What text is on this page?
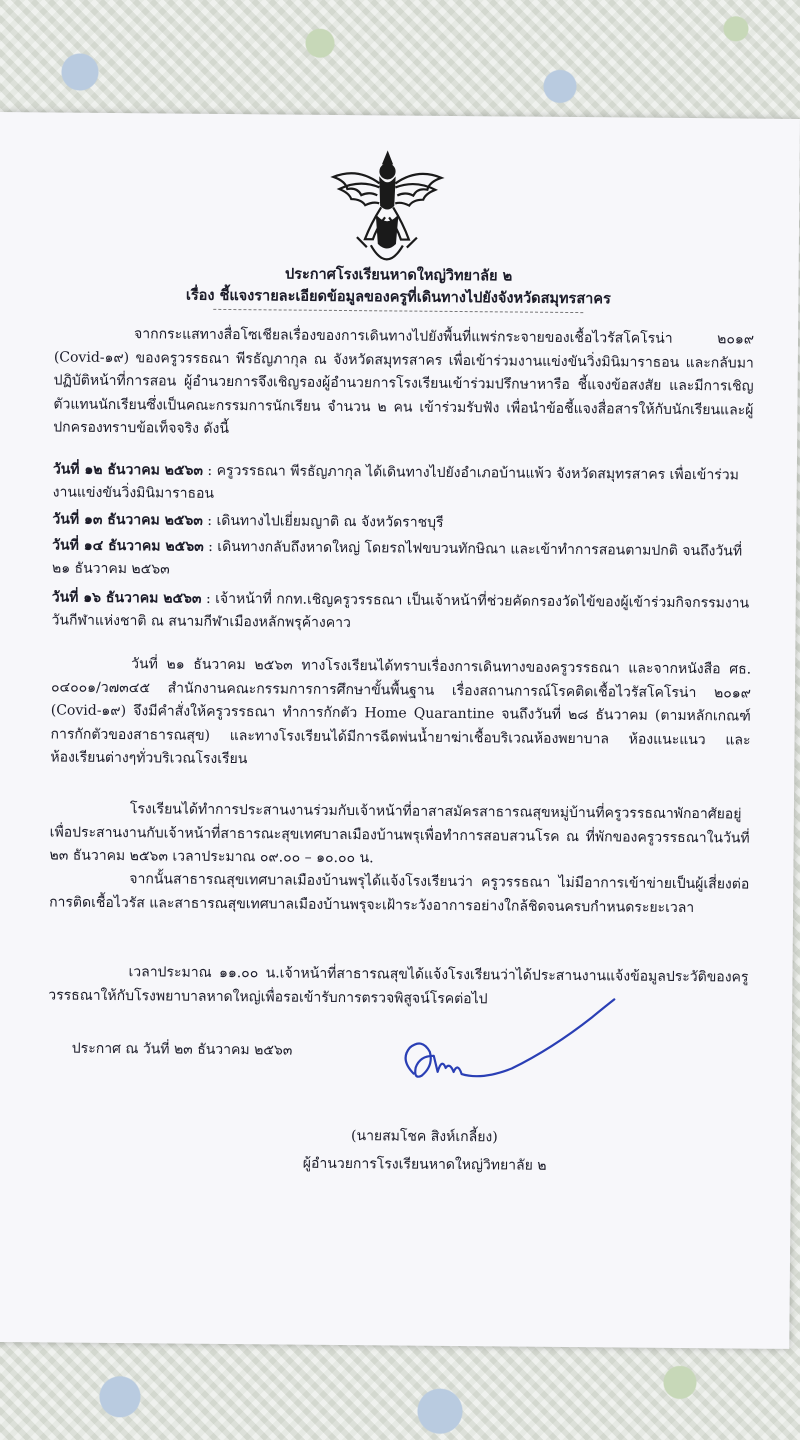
ประกาศโรงเรียนหาดใหญ่วิทยาลัย ๒
เรื่อง ชี้แจงรายละเอียดข้อมูลของครูที่เดินทางไปยังจังหวัดสมุทรสาคร
จากกระแสทางสื่อโซเชียลเรื่องของการเดินทางไปยังพื้นที่แพร่กระจายของเชื้อไวรัสโคโรน่า ๒๐๑๙ (Covid-๑๙) ของครูวรรธณา พีรธัญภากุล ณ จังหวัดสมุทรสาคร เพื่อเข้าร่วมงานแข่งขันวิ่งมินิมาราธอน และกลับมาปฏิบัติหน้าที่การสอน ผู้อำนวยการจึงเชิญรองผู้อำนวยการโรงเรียนเข้าร่วมปรึกษาหารือ ชี้แจงข้อสงสัย และมีการเชิญตัวแทนนักเรียนซึ่งเป็นคณะกรรมการนักเรียน จำนวน ๒ คน เข้าร่วมรับฟัง เพื่อนำข้อชี้แจงสื่อสารให้กับนักเรียนและผู้ปกครองทราบข้อเท็จจริง ดังนี้
วันที่ ๑๒ ธันวาคม ๒๕๖๓ : ครูวรรธณา พีรธัญภากุล ได้เดินทางไปยังอำเภอบ้านแพ้ว จังหวัดสมุทรสาคร เพื่อเข้าร่วมงานแข่งขันวิ่งมินิมาราธอน
วันที่ ๑๓ ธันวาคม ๒๕๖๓ : เดินทางไปเยี่ยมญาติ ณ จังหวัดราชบุรี
วันที่ ๑๔ ธันวาคม ๒๕๖๓ : เดินทางกลับถึงหาดใหญ่ โดยรถไฟขบวนทักษิณา และเข้าทำการสอนตามปกติ จนถึงวันที่ ๒๑ ธันวาคม ๒๕๖๓
วันที่ ๑๖ ธันวาคม ๒๕๖๓ : เจ้าหน้าที่ กกท.เชิญครูวรรธณา เป็นเจ้าหน้าที่ช่วยคัดกรองวัดไข้ของผู้เข้าร่วมกิจกรรมงานวันกีฬาแห่งชาติ ณ สนามกีฬาเมืองหลักพรุค้างคาว
วันที่ ๒๑ ธันวาคม ๒๕๖๓ ทางโรงเรียนได้ทราบเรื่องการเดินทางของครูวรรธณา และจากหนังสือ ศธ. ๐๔๐๐๑/ว๗๓๔๕ สำนักงานคณะกรรมการการศึกษาขั้นพื้นฐาน เรื่องสถานการณ์โรคติดเชื้อไวรัสโคโรน่า ๒๐๑๙ (Covid-๑๙) จึงมีคำสั่งให้ครูวรรธณา ทำการกักตัว Home Quarantine จนถึงวันที่ ๒๘ ธันวาคม (ตามหลักเกณฑ์การกักตัวของสาธารณสุข) และทางโรงเรียนได้มีการฉีดพ่นน้ำยาฆ่าเชื้อบริเวณห้องพยาบาล ห้องแนะแนว และห้องเรียนต่างๆทั่วบริเวณโรงเรียน
โรงเรียนได้ทำการประสานงานร่วมกับเจ้าหน้าที่อาสาสมัครสาธารณสุขหมู่บ้านที่ครูวรรธณาพักอาศัยอยู่เพื่อประสานงานกับเจ้าหน้าที่สาธารณะสุขเทศบาลเมืองบ้านพรุเพื่อทำการสอบสวนโรค ณ ที่พักของครูวรรธณาในวันที่ ๒๓ ธันวาคม ๒๕๖๓ เวลาประมาณ ๐๙.๐๐ – ๑๐.๐๐ น.
จากนั้นสาธารณสุขเทศบาลเมืองบ้านพรุได้แจ้งโรงเรียนว่า ครูวรรธณา ไม่มีอาการเข้าข่ายเป็นผู้เสี่ยงต่อการติดเชื้อไวรัส และสาธารณสุขเทศบาลเมืองบ้านพรุจะเฝ้าระวังอาการอย่างใกล้ชิดจนครบกำหนดระยะเวลา
เวลาประมาณ ๑๑.๐๐ น.เจ้าหน้าที่สาธารณสุขได้แจ้งโรงเรียนว่าได้ประสานงานแจ้งข้อมูลประวัติของครูวรรธณาให้กับโรงพยาบาลหาดใหญ่เพื่อรอเข้ารับการตรวจพิสูจน์โรคต่อไป
ประกาศ ณ วันที่ ๒๓ ธันวาคม ๒๕๖๓
(นายสมโชค สิงห์เกลี้ยง)
ผู้อำนวยการโรงเรียนหาดใหญ่วิทยาลัย ๒
